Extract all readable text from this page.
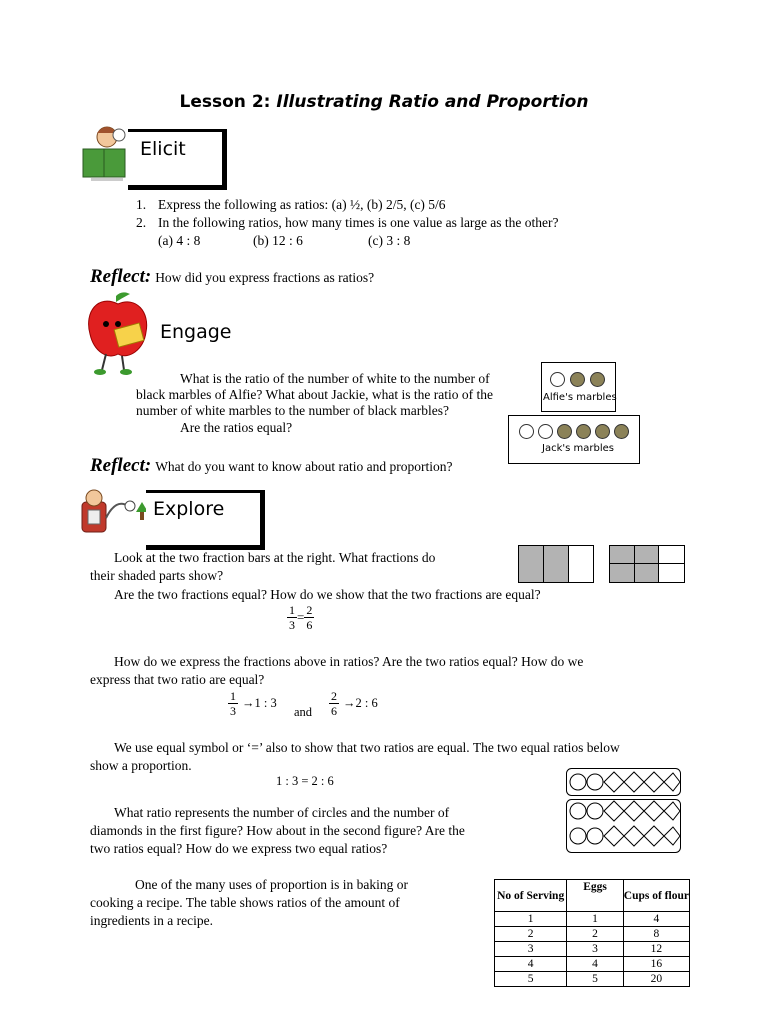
Lesson 2: Illustrating Ratio and Proportion
Elicit
1. Express the following as ratios: (a) ½, (b) 2/5, (c) 5/6
2. In the following ratios, how many times is one value as large as the other?
(a) 4 : 8	(b) 12 : 6	(c) 3 : 8
Reflect: How did you express fractions as ratios?
Engage
What is the ratio of the number of white to the number of
black marbles of Alfie? What about Jackie, what is the ratio of the
number of white marbles to the number of black marbles?
Are the ratios equal?
Alfie's marbles
Jack's marbles
Reflect: What do you want to know about ratio and proportion?
Explore
Look at the two fraction bars at the right. What fractions do
their shaded parts show?
Are the two fractions equal? How do we show that the two fractions are equal?
$\frac{1}{3} = \frac{2}{6}$
How do we express the fractions above in ratios? Are the two ratios equal? How do we
express that two ratio are equal?
$\frac{1}{3} \to 1$ : 3
and $\frac{2}{6} \to 2$ : 6
We use equal symbol or ‘=’ also to show that two ratios are equal. The two equal ratios below
show a proportion.
1 : 3 = 2 : 6
What ratio represents the number of circles and the number of
diamonds in the first figure? How about in the second figure? Are the
two ratios equal? How do we express two equal ratios?
One of the many uses of proportion is in baking or
cooking a recipe. The table shows ratios of the amount of
ingredients in a recipe.
No of Serving	Eggs	Cups of flour
1	1	4
2	2	8
3	3	12
4	4	16
5	5	20
